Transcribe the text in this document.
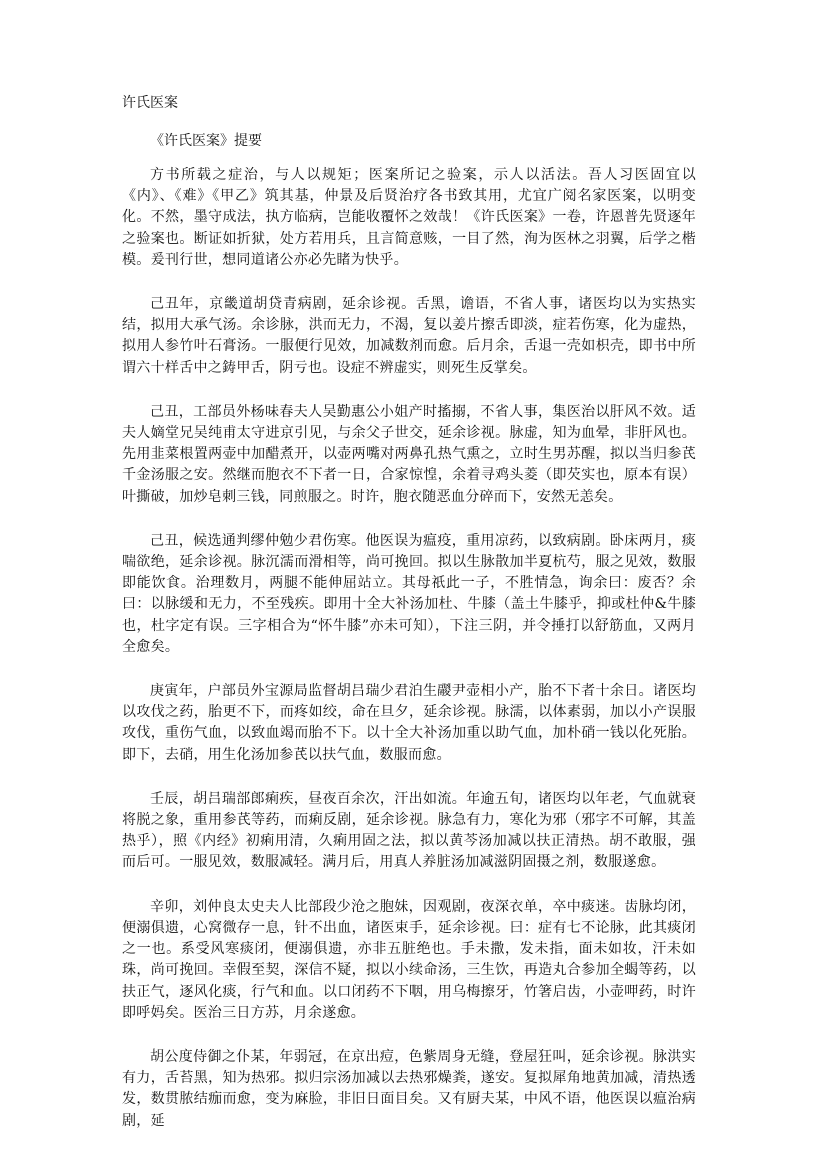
许氏医案
《许氏医案》提要

方书所载之症治，与人以规矩；医案所记之验案，示人以活法。吾人习医固宜以《内》、《难》《甲乙》筑其基，仲景及后贤治疗各书致其用，尤宜广阅名家医案，以明变化。不然，墨守成法，执方临病，岂能收覆怀之效哉！《许氏医案》一卷，许恩普先贤逐年之验案也。断证如折狱，处方若用兵，且言简意赅，一目了然，洵为医林之羽翼，后学之楷模。爰刊行世，想同道诸公亦必先睹为快乎。

己丑年，京畿道胡贷青病剧，延余诊视。舌黑，谵语，不省人事，诸医均以为实热实结，拟用大承气汤。余诊脉，洪而无力，不渴，复以姜片擦舌即淡，症若伤寒，化为虚热，拟用人参竹叶石膏汤。一服便行见效，加减数剂而愈。后月余，舌退一壳如枳壳，即书中所谓六十样舌中之鋳甲舌，阴亏也。设症不辨虚实，则死生反掌矣。

己丑，工部员外杨味春夫人吴勤惠公小姐产时搐搦，不省人事，集医治以肝风不效。适夫人嫡堂兄吴纯甫太守进京引见，与余父子世交，延余诊视。脉虚，知为血晕，非肝风也。先用韭菜根置两壶中加醋煮开，以壶两嘴对两鼻孔热气熏之，立时生男苏醒，拟以当归参芪千金汤服之安。然继而胞衣不下者一日，合家惊惶，余着寻鸡头菱（即芡实也，原本有误）叶撕破，加炒皂刺三钱，同煎服之。时许，胞衣随恶血分碎而下，安然无恙矣。

己丑，候选通判缪仲勉少君伤寒。他医误为瘟疫，重用凉药，以致病剧。卧床两月，痰喘欲绝，延余诊视。脉沉濡而滑相等，尚可挽回。拟以生脉散加半夏杭芍，服之见效，数服即能饮食。治理数月，两腿不能伸屈站立。其母祇此一子，不胜情急，询余曰：废否？余曰：以脉缓和无力，不至残疾。即用十全大补汤加杜、牛膝（盖土牛膝乎，抑或杜仲&牛膝也，杜字定有误。三字相合为“怀牛膝”亦未可知），下注三阴，并令捶打以舒筋血，又两月全愈矣。

庚寅年，户部员外宝源局监督胡吕瑞少君泊生鬷尹壶相小产，胎不下者十余日。诸医均以攻伐之药，胎更不下，而疼如绞，命在旦夕，延余诊视。脉濡，以体素弱，加以小产误服攻伐，重伤气血，以致血竭而胎不下。以十全大补汤加重以助气血，加朴硝一钱以化死胎。即下，去硝，用生化汤加参芪以扶气血，数服而愈。

壬辰，胡吕瑞部郎痢疾，昼夜百余次，汗出如流。年逾五旬，诸医均以年老，气血就衰将脱之象，重用参芪等药，而痢反剧，延余诊视。脉急有力，寒化为邪（邪字不可解，其盖热乎），照《内经》初痢用清，久痢用固之法，拟以黄芩汤加减以扶正清热。胡不敢服，强而后可。一服见效，数服减轻。满月后，用真人养脏汤加减滋阴固摄之剂，数服遂愈。

辛卯，刘仲良太史夫人比部段少沧之胞妹，因观剧，夜深衣单，卒中痰迷。齿脉均闭，便溺俱遗，心窝微存一息，针不出血，诸医束手，延余诊视。曰：症有七不论脉，此其痰闭之一也。系受风寒痰闭，便溺俱遗，亦非五脏绝也。手未撒，发未指，面未如妆，汗未如珠，尚可挽回。幸假至契，深信不疑，拟以小续命汤，三生饮，再造丸合参加全蝎等药，以扶正气，逐风化痰，行气和血。以口闭药不下咽，用乌梅擦牙，竹箸启齿，小壶呷药，时许即呼妈矣。医治三日方苏，月余遂愈。

胡公度侍御之仆某，年弱冠，在京出痘，色紫周身无缝，登屋狂叫，延余诊视。脉洪实有力，舌苔黑，知为热邪。拟归宗汤加减以去热邪燥粪，遂安。复拟犀角地黄加减，清热透发，数贯脓结痂而愈，变为麻脸，非旧日面目矣。又有厨夫某，中风不语，他医误以瘟治病剧，延
